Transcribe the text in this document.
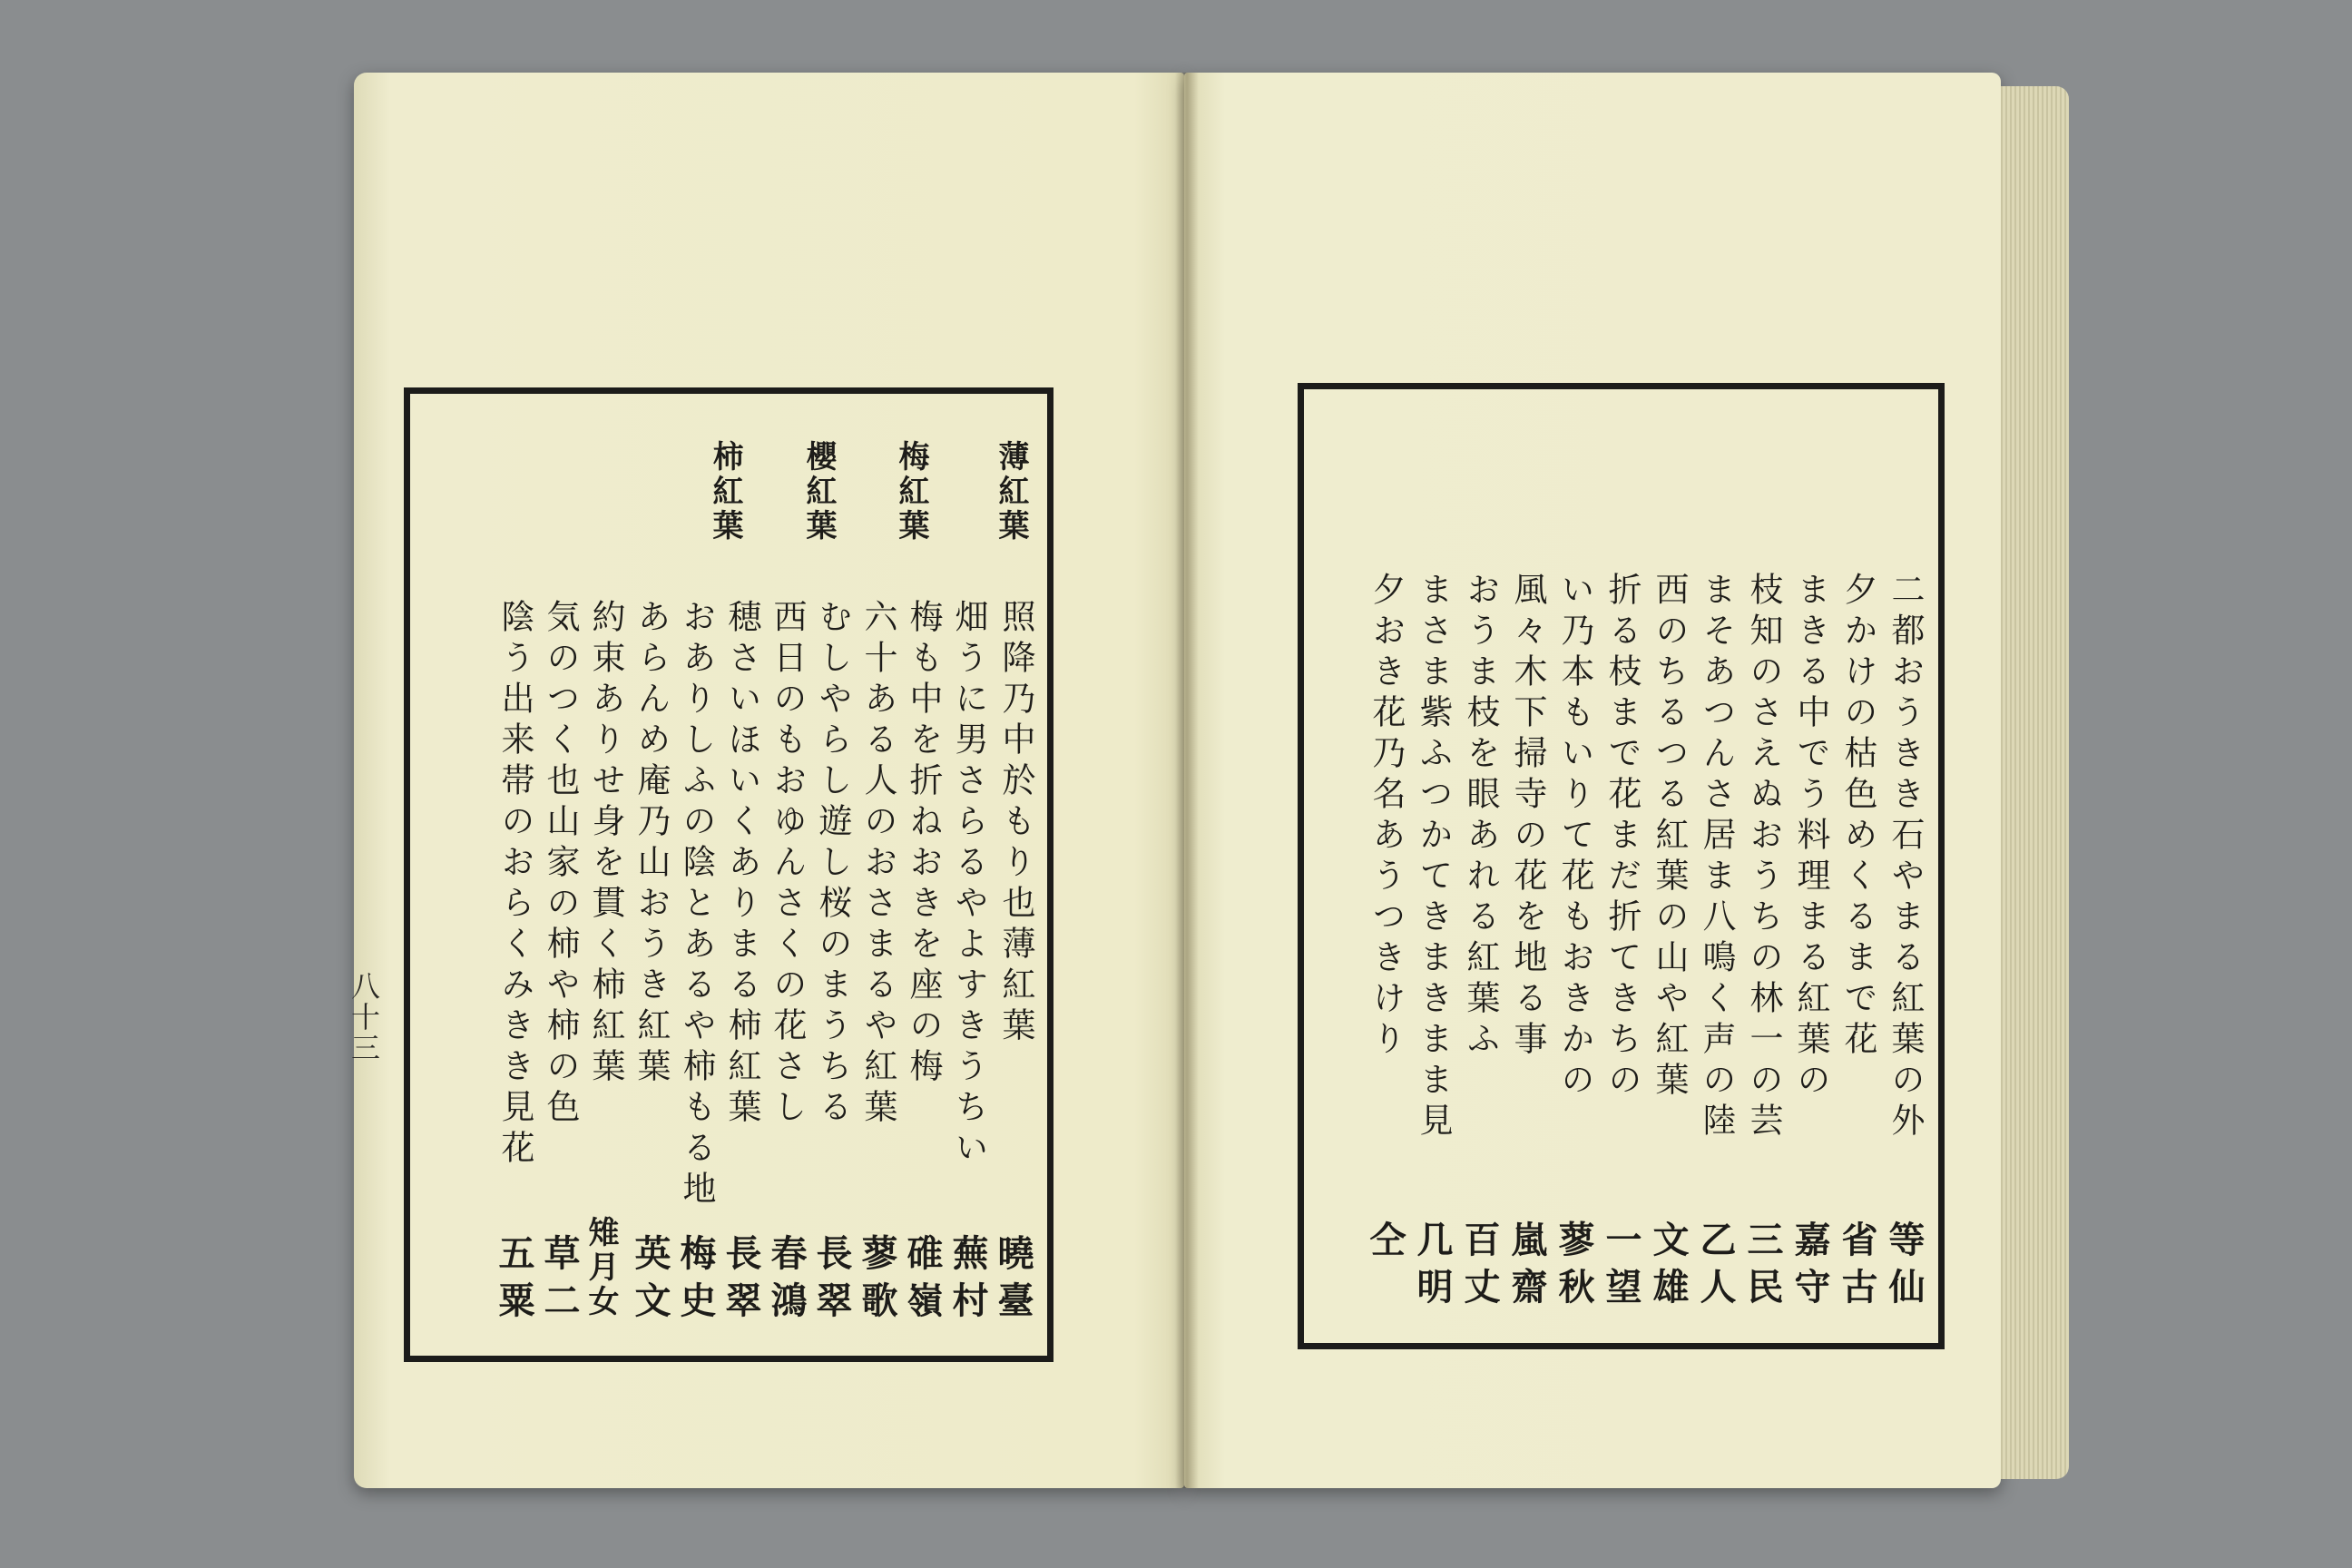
八十三
薄紅葉
梅紅葉
櫻紅葉
柿紅葉
照降乃中於もり也薄紅葉
畑うに男さらるやよすきうちい
梅も中を折ねおきを座の梅
六十ある人のおさまるや紅葉
むしやらし遊し桜のまうちる
西日のもおゆんさくの花さし
穂さいほいくありまる柿紅葉
おありしふの陰とあるや柿もる地
あらんめ庵乃山おうき紅葉
約束ありせ身を貫く柿紅葉
気のつく也山家の柿や柿の色
陰う出来帯のおらくみきき見花
曉臺
蕪村
碓嶺
蓼歌
長翠
春鴻
長翠
梅史
英文
雉月女
草二
五粟
二都おうきき石やまる紅葉の外
夕かけの枯色めくるまで花
まきる中でう料理まる紅葉の
枝知のさえぬおうちの林一の芸
まそあつんさ居ま八鳴く声の陸
西のちるつる紅葉の山や紅葉
折る枝まで花まだ折てきちの
い乃本もいりて花もおきかの
風々木下掃寺の花を地る事
おうま枝を眼あれる紅葉ふ
まさま紫ふつかてきまきまま見
夕おき花乃名あうつきけり
等仙
省古
嘉守
三民
乙人
文雄
一望
蓼秋
嵐齋
百丈
几明
仝
